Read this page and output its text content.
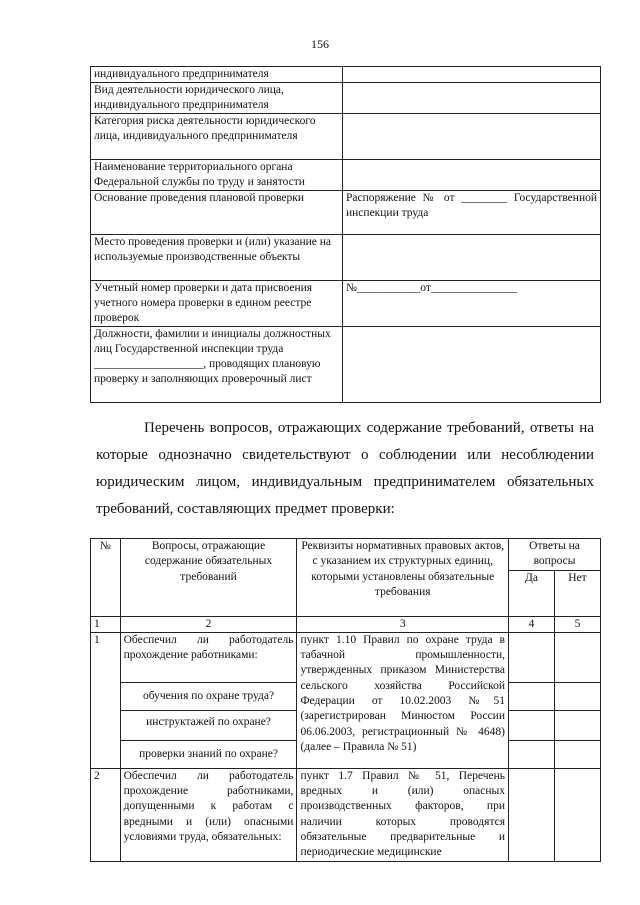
156
индивидуального предпринимателя	
Вид деятельности юридического лица, индивидуального предпринимателя	
Категория риска деятельности юридического лица, индивидуального предпринимателя	
Наименование территориального органа Федеральной службы по труду и занятости	
Основание проведения плановой проверки	Распоряжение № от ________ Государственной инспекции труда
Место проведения проверки и (или) указание на используемые производственные объекты	
Учетный номер проверки и дата присвоения учетного номера проверки в едином реестре проверок	№___________от_______________
Должности, фамилии и инициалы должностных лиц Государственной инспекции труда ___________________, проводящих плановую проверку и заполняющих проверочный лист	
Перечень вопросов, отражающих содержание требований, ответы на которые однозначно свидетельствуют о соблюдении или несоблюдении юридическим лицом, индивидуальным предпринимателем обязательных требований, составляющих предмет проверки:
№	Вопросы, отражающие содержание обязательных требований	Реквизиты нормативных правовых актов, с указанием их структурных единиц, которыми установлены обязательные требования	Ответы на вопросы	
			Да	Нет
1	2	3	4	5
1	Обеспечил ли работодатель прохождение работниками:	пункт 1.10 Правил по охране труда в табачной промышленности, утвержденных приказом Министерства сельского хозяйства Российской Федерации от 10.02.2003 №51 (зарегистрирован Минюстом России 06.06.2003, регистрационный № 4648) (далее – Правила № 51)		
	обучения по охране труда?			
	инструктажей по охране?			
	проверки знаний по охране?			
2	Обеспечил ли работодатель прохождение работниками, допущенными к работам с вредными и (или) опасными условиями труда, обязательных:	пункт 1.7 Правил № 51, Перечень вредных и (или) опасных производственных факторов, при наличии которых проводятся обязательные предварительные и периодические медицинские		
